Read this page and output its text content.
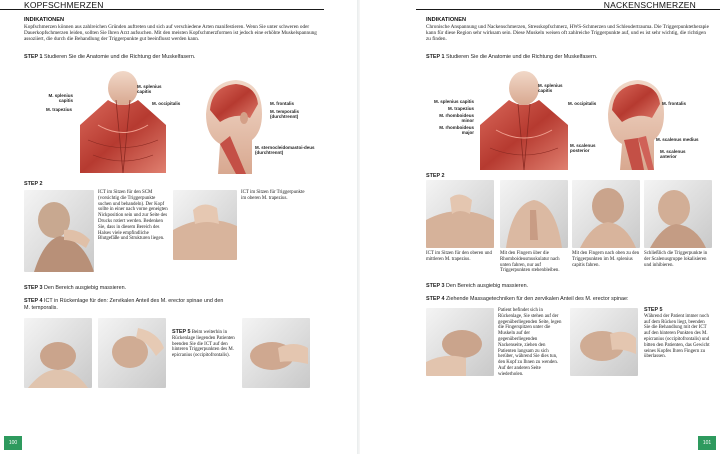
KOPFSCHMERZEN
INDIKATIONEN
Kopfschmerzen können aus zahlreichen Gründen auftreten und sich auf verschiedene Arten manifestieren. Wenn Sie unter schweren oder Dauerkopfschmerzen leiden, sollten Sie Ihren Arzt aufsuchen. Mit den meisten Kopfschmerzformen ist jedoch eine erhöhte Muskelspannung assoziiert, die durch die Behandlung der Triggerpunkte gut beeinflusst werden kann.
STEP 1 Studieren Sie die Anatomie und die Richtung der Muskelfasern.
M. splenius capitis
M. trapezius
M. splenius capitis
M. occipitalis	M. frontalis
M. temporalis (durchtrennt)
M. sternocleidomastoi-deus (durchtrennt)
STEP 2
ICT im Sitzen für den SCM (vorsichtig die Triggerpunkte suchen und behandeln). Der Kopf sollte in einer nach vorne geneigten Nickposition sein und zur Seite des Drucks rotiert werden. Bedenken Sie, dass in diesem Bereich des Halses viele empfindliche Blutgefäße und Strukturen liegen.
ICT im Sitzen für Triggerpunkte im oberen M. trapezius.
STEP 3 Den Bereich ausgiebig massieren.
STEP 4 ICT in Rückenlage für den: Zervikalen Anteil des M. erector spinae und den M. temporalis.
STEP 5 Beim weiterhin in Rückenlage liegenden Patienten beenden Sie die ICT auf den hinteren Triggerpunkten des M. epicranius (occipitofrontalis).
100
NACKENSCHMERZEN
INDIKATIONEN
Chronische Anspannung und Nackenschmerzen, Stresskopfschmerz, HWS-Schmerzen und Schleudertrauma. Die Triggerpunktetherapie kann für diese Region sehr wirksam sein. Diese Muskeln weisen oft zahlreiche Triggerpunkte auf, und es ist sehr wichtig, die richtigen zu finden.
STEP 1 Studieren Sie die Anatomie und die Richtung der Muskelfasern.
M. splenius capitis
M. trapezius
M. rhomboideus minor
M. rhomboideus major
M. splenius capitis
M. occipitalis	M. frontalis
M. scalenus medius
M. scalenus posterior	M. scalenus anterior
STEP 2
ICT im Sitzen für den oberen und mittleren M. trapezius.
Mit den Fingern über die Rhomboideusmuskulatur nach unten fahren, nur auf Triggerpunkten stehenbleiben.
Mit den Fingern nach oben zu den Triggerpunkten im M. splenius capitis fahren.
Schließlich die Triggerpunkte in der Scalenusgruppe lokalisieren und inhibieren.
STEP 3 Den Bereich ausgiebig massieren.
STEP 4 Ziehende Massagetechniken für den zervikalen Anteil des M. erector spinae:
Patient befindet sich in Rückenlage, Sie stehen auf der gegenüberliegenden Seite, legen die Fingerspitzen unter die Muskeln auf der gegenüberliegenden Nackenseite, ziehen den Patienten langsam zu sich herüber, während Sie dies tun, den Kopf zu Ihnen zu wenden. Auf der anderen Seite wiederholen.
STEP 5
Während der Patient immer noch auf dem Rücken liegt, beenden Sie die Behandlung mit der ICT auf den hinteren Punkten des M. epicranius (occipitofrontalis) und bitten den Patienten, das Gewicht seines Kopfes Ihren Fingern zu überlassen.
101
